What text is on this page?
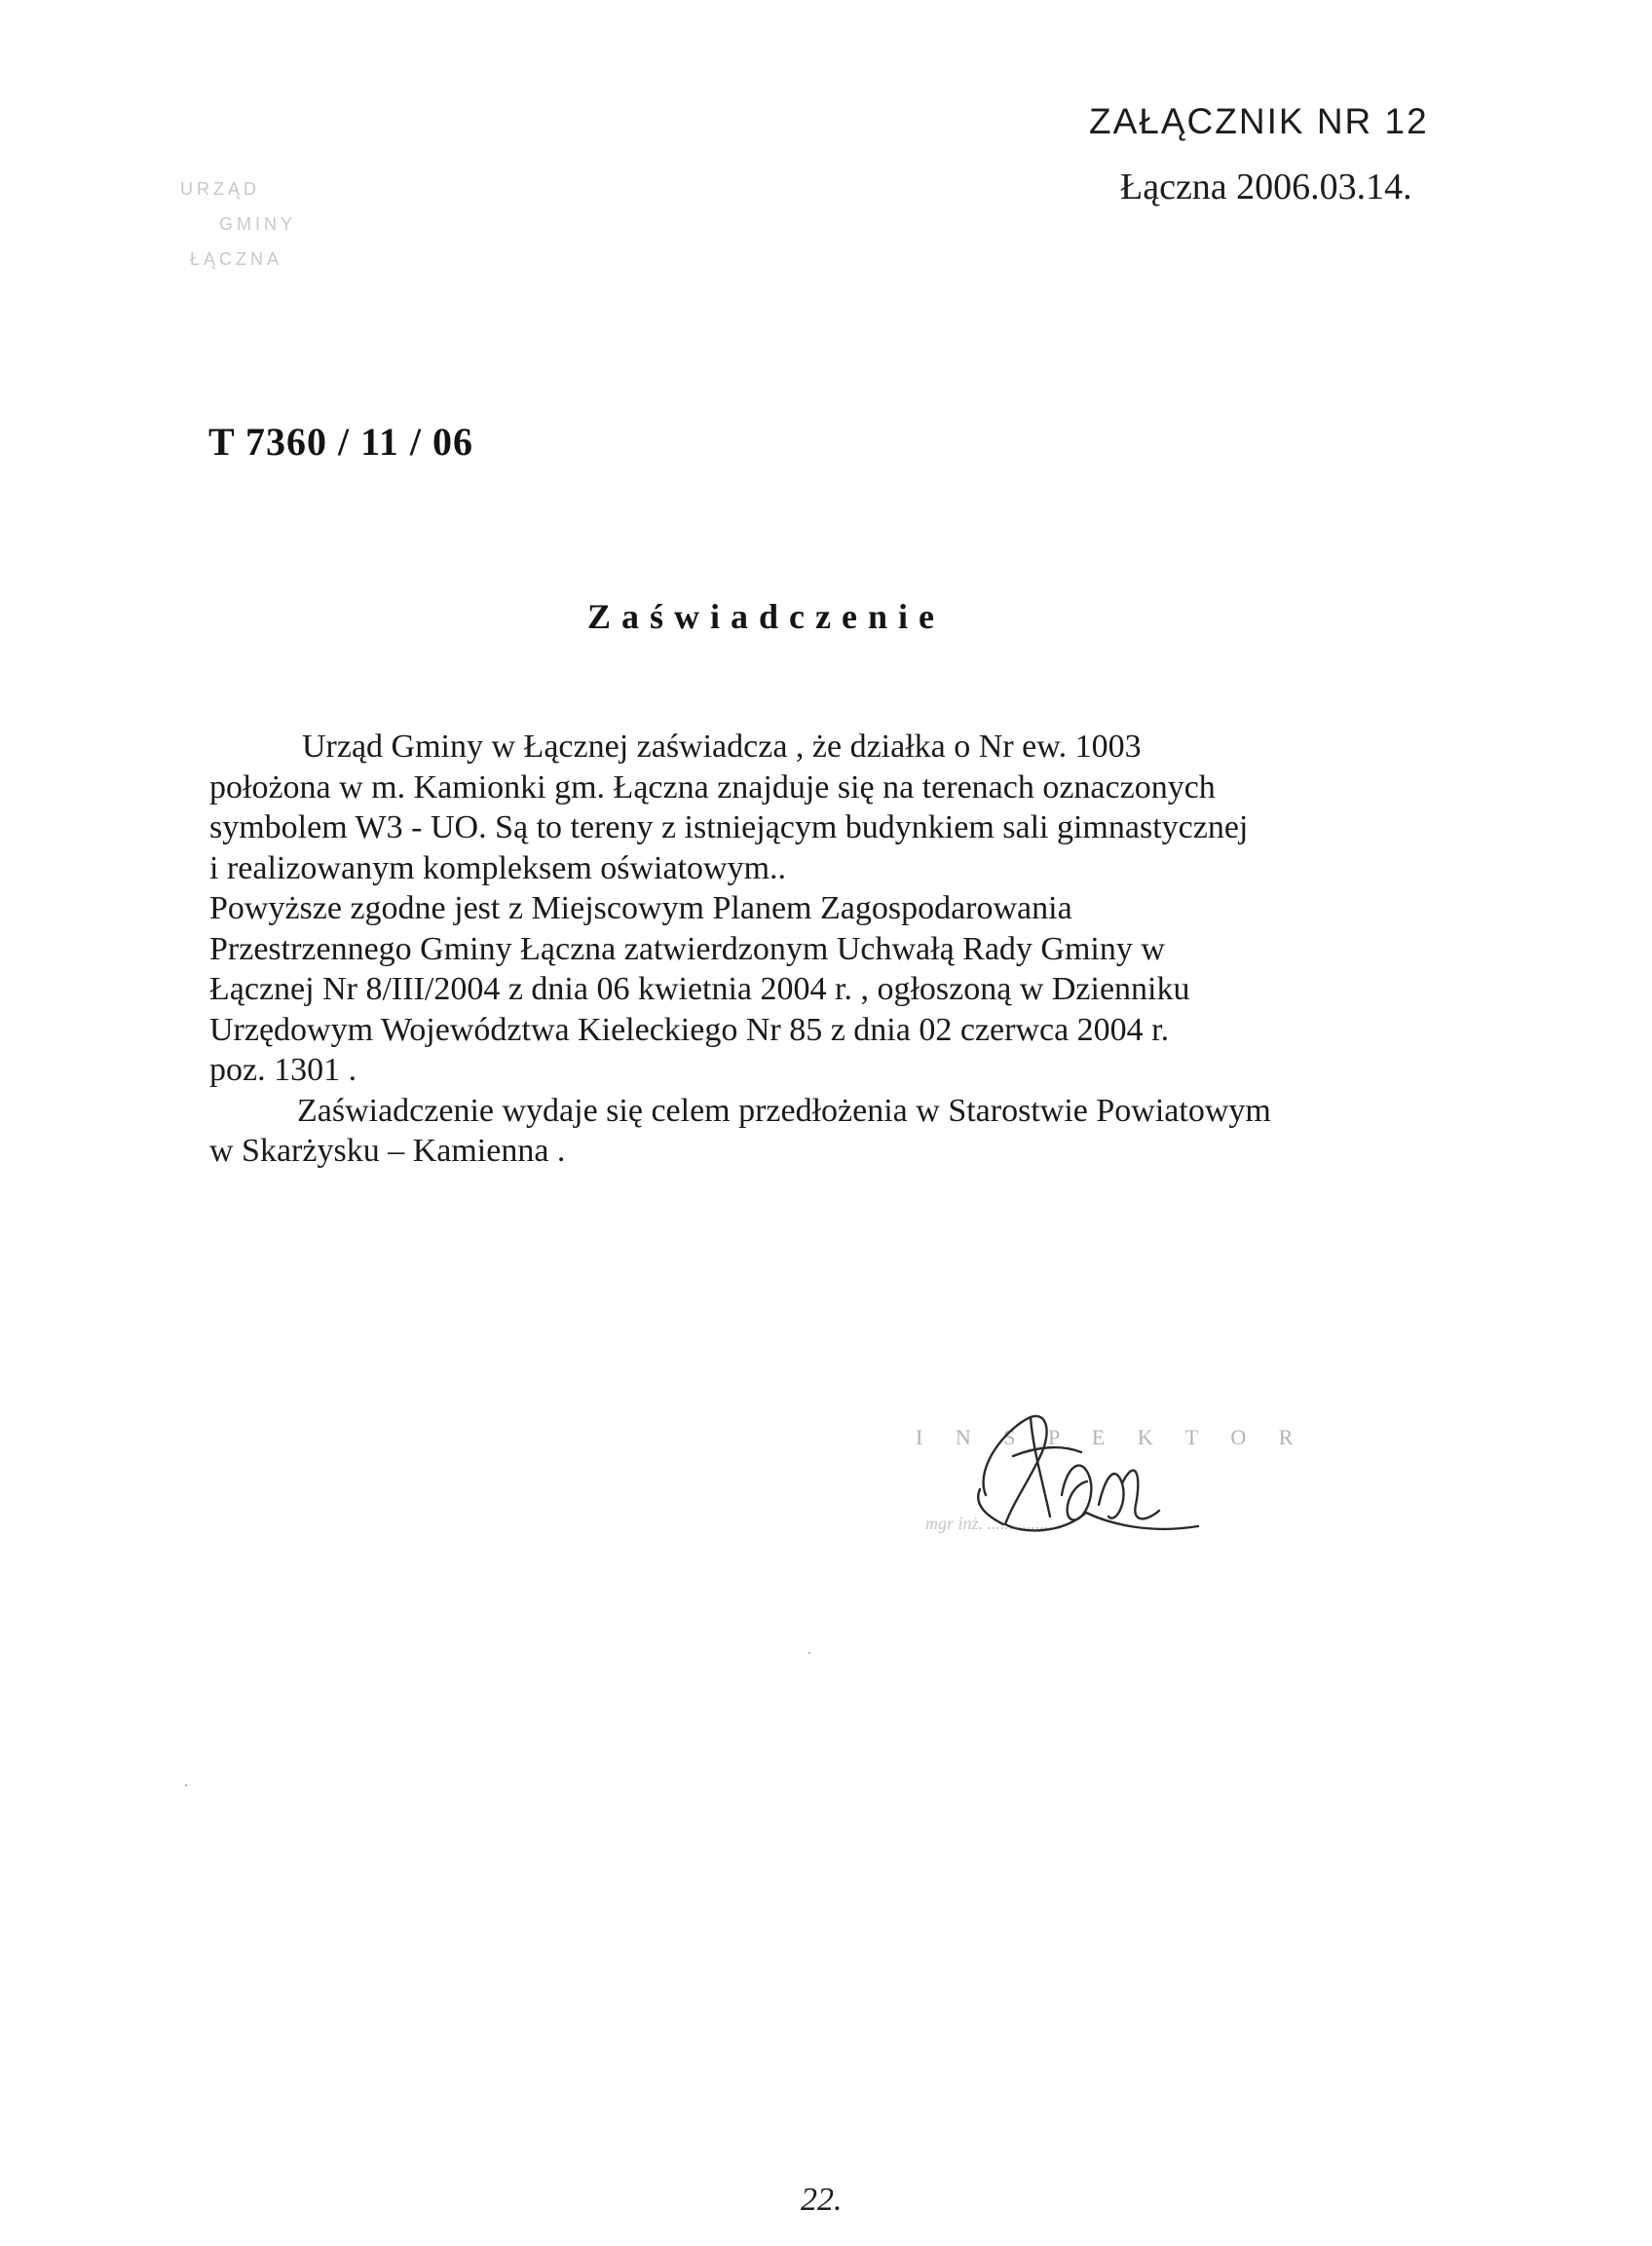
URZĄD
GMINY
ŁĄCZNA
ZAŁĄCZNIK NR 12
Łączna 2006.03.14.
T 7360 / 11 / 06
Zaświadczenie
Urząd Gminy w Łącznej zaświadcza , że działka o Nr ew. 1003
położona w m. Kamionki gm. Łączna znajduje się na terenach oznaczonych
symbolem W3 - UO. Są to tereny z istniejącym budynkiem sali gimnastycznej
i realizowanym kompleksem oświatowym..
Powyższe zgodne jest z Miejscowym Planem Zagospodarowania
Przestrzennego Gminy Łączna zatwierdzonym Uchwałą Rady Gminy w
Łącznej Nr 8/III/2004 z dnia 06 kwietnia 2004 r. , ogłoszoną w Dzienniku
Urzędowym Województwa Kieleckiego Nr 85 z dnia 02 czerwca 2004 r.
poz. 1301 .
Zaświadczenie wydaje się celem przedłożenia w Starostwie Powiatowym
w Skarżysku – Kamienna .
I N S P E K T O R
mgr inż. ...... ..........
22.
